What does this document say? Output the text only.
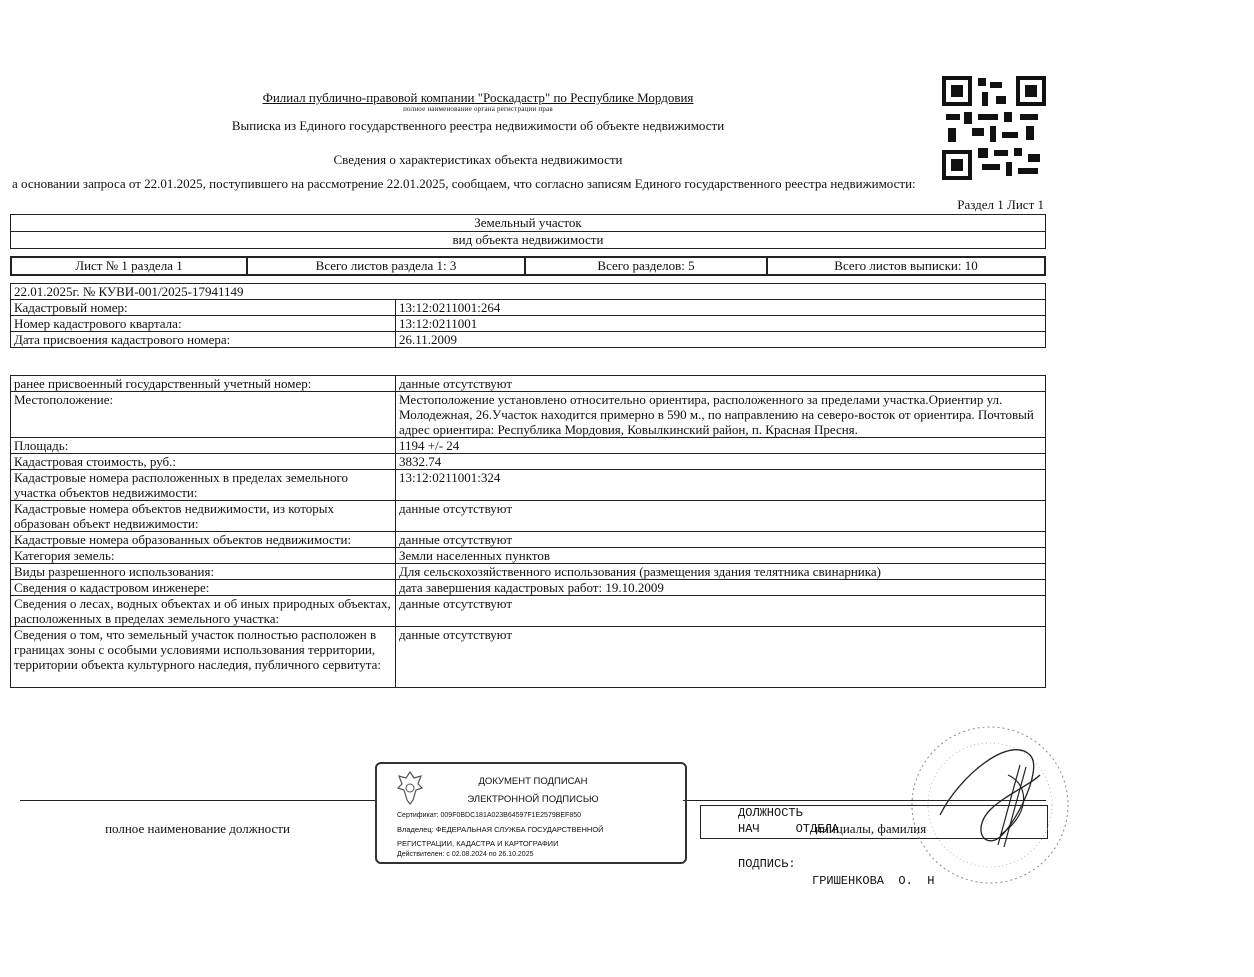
Филиал публично-правовой компании "Роскадастр" по Республике Мордовия
полное наименование органа регистрации прав
Выписка из Единого государственного реестра недвижимости об объекте недвижимости
Сведения о характеристиках объекта недвижимости
а основании запроса от 22.01.2025, поступившего на рассмотрение 22.01.2025, сообщаем, что согласно записям Единого государственного реестра недвижимости:
Раздел 1 Лист 1
Земельный участок
вид объекта недвижимости
Лист № 1 раздела 1	Всего листов раздела 1: 3	Всего разделов: 5	Всего листов выписки: 10
22.01.2025г. № КУВИ-001/2025-17941149	
Кадастровый номер:	13:12:0211001:264
Номер кадастрового квартала:	13:12:0211001
Дата присвоения кадастрового номера:	26.11.2009
ранее присвоенный государственный учетный номер:	данные отсутствуют
Местоположение:	Местоположение установлено относительно ориентира, расположенного за пределами участка.Ориентир ул. Молодежная, 26.Участок находится примерно в 590 м., по направлению на северо-восток от ориентира. Почтовый адрес ориентира: Республика Мордовия, Ковылкинский район, п. Красная Пресня.
Площадь:	1194 +/- 24
Кадастровая стоимость, руб.:	3832.74
Кадастровые номера расположенных в пределах земельного участка объектов недвижимости:	13:12:0211001:324
Кадастровые номера объектов недвижимости, из которых образован объект недвижимости:	данные отсутствуют
Кадастровые номера образованных объектов недвижимости:	данные отсутствуют
Категория земель:	Земли населенных пунктов
Виды разрешенного использования:	Для сельскохозяйственного использования (размещения здания телятника свинарника)
Сведения о кадастровом инженере:	дата завершения кадастровых работ: 19.10.2009
Сведения о лесах, водных объектах и об иных природных объектах, расположенных в пределах земельного участка:	данные отсутствуют
Сведения о том, что земельный участок полностью расположен в границах зоны с особыми условиями использования территории, территории объекта культурного наследия, публичного сервитута:	данные отсутствуют
полное наименование должности	инициалы, фамилия
ДОКУМЕНТ ПОДПИСАН
ЭЛЕКТРОННОЙ ПОДПИСЬЮ
Сертификат: 009F0BDC181A023B64597F1E2579BEF850
Владелец: ФЕДЕРАЛЬНАЯ СЛУЖБА ГОСУДАРСТВЕННОЙ
РЕГИСТРАЦИИ, КАДАСТРА И КАРТОГРАФИИ
Действителен: с 02.08.2024 по 26.10.2025
ДОЛЖНОСТЬ
НАЧ     ОТДЕЛА
ПОДПИСЬ:
ГРИШЕНКОВА  О.  Н
